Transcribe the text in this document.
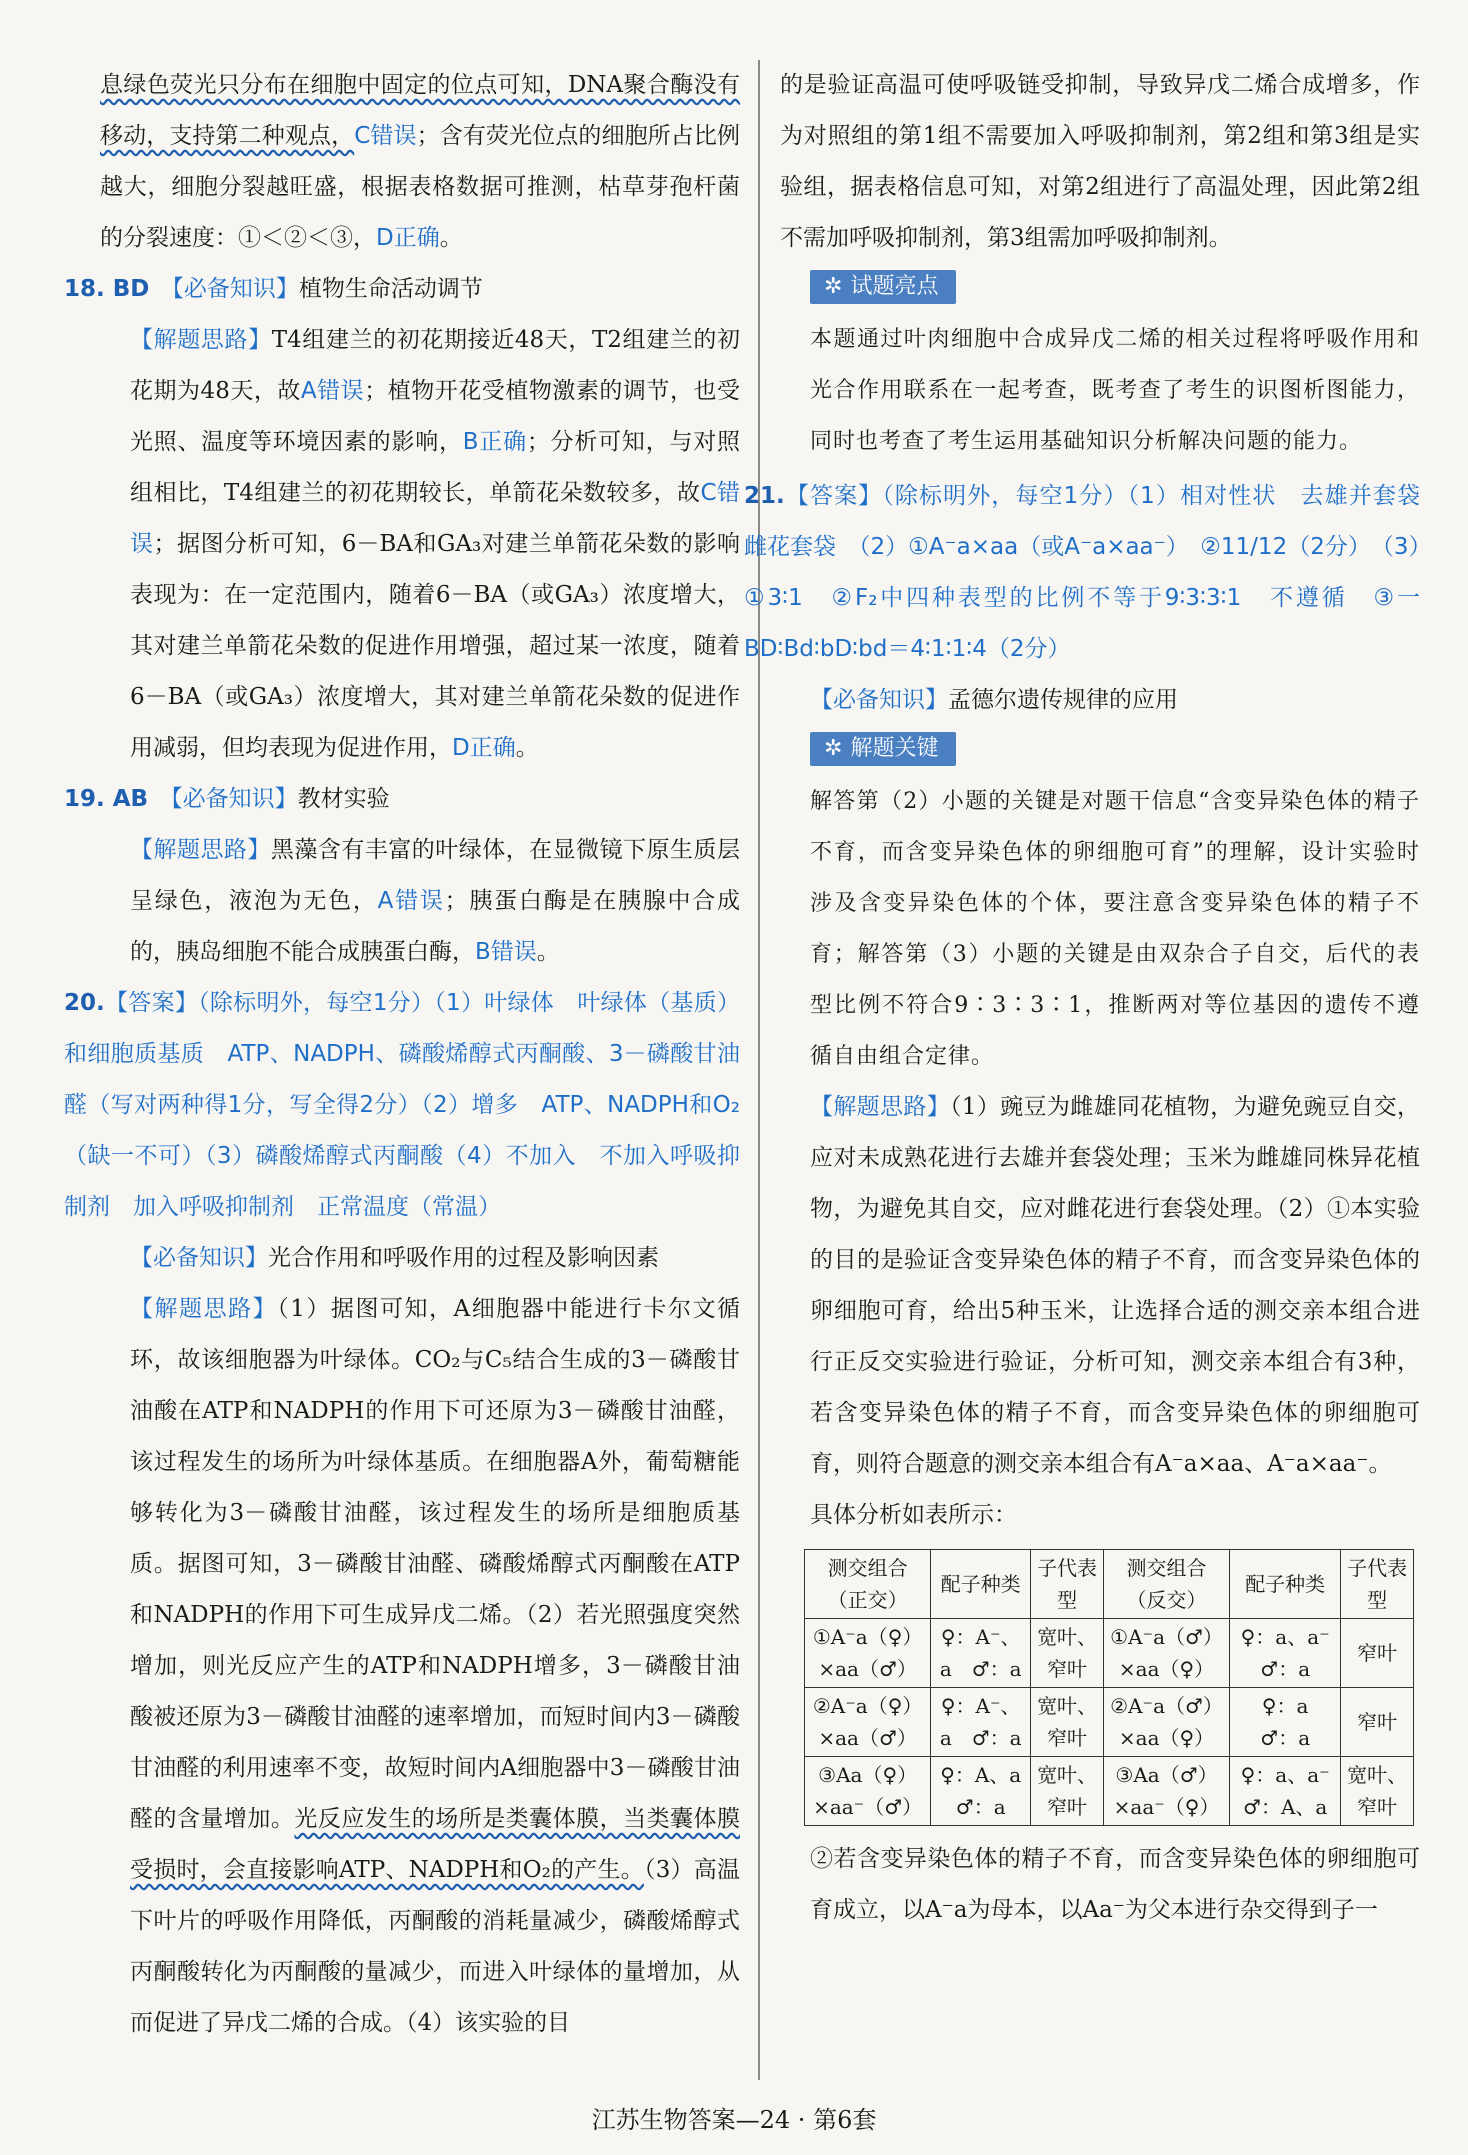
息绿色荧光只分布在细胞中固定的位点可知，DNA聚合酶没有移动，支持第二种观点，C错误；含有荧光位点的细胞所占比例越大，细胞分裂越旺盛，根据表格数据可推测，枯草芽孢杆菌的分裂速度：①＜②＜③，D正确。

18. BD　 【必备知识】植物生命活动调节

【解题思路】T4组建兰的初花期接近48天，T2组建兰的初花期为48天，故A错误；植物开花受植物激素的调节，也受光照、温度等环境因素的影响，B正确；分析可知，与对照组相比，T4组建兰的初花期较长，单箭花朵数较多，故C错误；据图分析可知，6－BA和GA₃对建兰单箭花朵数的影响表现为：在一定范围内，随着6－BA（或GA₃）浓度增大，其对建兰单箭花朵数的促进作用增强，超过某一浓度，随着6－BA（或GA₃）浓度增大，其对建兰单箭花朵数的促进作用减弱，但均表现为促进作用，D正确。

19. AB　 【必备知识】教材实验

【解题思路】黑藻含有丰富的叶绿体，在显微镜下原生质层呈绿色，液泡为无色，A错误；胰蛋白酶是在胰腺中合成的，胰岛细胞不能合成胰蛋白酶，B错误。

20.【答案】（除标明外，每空1分）（1）叶绿体　叶绿体（基质）和细胞质基质　ATP、NADPH、磷酸烯醇式丙酮酸、3－磷酸甘油醛（写对两种得1分，写全得2分）（2）增多　ATP、NADPH和O₂（缺一不可）（3）磷酸烯醇式丙酮酸（4）不加入　不加入呼吸抑制剂　加入呼吸抑制剂　正常温度（常温）

【必备知识】光合作用和呼吸作用的过程及影响因素

【解题思路】（1）据图可知，A细胞器中能进行卡尔文循环，故该细胞器为叶绿体。CO₂与C₅结合生成的3－磷酸甘油酸在ATP和NADPH的作用下可还原为3－磷酸甘油醛，该过程发生的场所为叶绿体基质。在细胞器A外，葡萄糖能够转化为3－磷酸甘油醛，该过程发生的场所是细胞质基质。据图可知，3－磷酸甘油醛、磷酸烯醇式丙酮酸在ATP和NADPH的作用下可生成异戊二烯。（2）若光照强度突然增加，则光反应产生的ATP和NADPH增多，3－磷酸甘油酸被还原为3－磷酸甘油醛的速率增加，而短时间内3－磷酸甘油醛的利用速率不变，故短时间内A细胞器中3－磷酸甘油醛的含量增加。光反应发生的场所是类囊体膜，当类囊体膜受损时，会直接影响ATP、NADPH和O₂的产生。（3）高温下叶片的呼吸作用降低，丙酮酸的消耗量减少，磷酸烯醇式丙酮酸转化为丙酮酸的量减少，而进入叶绿体的量增加，从而促进了异戊二烯的合成。（4）该实验的目

的是验证高温可使呼吸链受抑制，导致异戊二烯合成增多，作为对照组的第1组不需要加入呼吸抑制剂，第2组和第3组是实验组，据表格信息可知，对第2组进行了高温处理，因此第2组不需加呼吸抑制剂，第3组需加呼吸抑制剂。

✲ 试题亮点

本题通过叶肉细胞中合成异戊二烯的相关过程将呼吸作用和光合作用联系在一起考查，既考查了考生的识图析图能力，同时也考查了考生运用基础知识分析解决问题的能力。

21.【答案】（除标明外，每空1分）（1）相对性状　去雄并套袋　雌花套袋　（2）①A⁻a×aa（或A⁻a×aa⁻）　②11/12（2分）　（3）①3∶1　②F₂中四种表型的比例不等于9∶3∶3∶1　不遵循　③一　BD∶Bd∶bD∶bd＝4∶1∶1∶4（2分）

【必备知识】孟德尔遗传规律的应用

✲ 解题关键

解答第（2）小题的关键是对题干信息“含变异染色体的精子不育，而含变异染色体的卵细胞可育”的理解，设计实验时涉及含变异染色体的个体，要注意含变异染色体的精子不育；解答第（3）小题的关键是由双杂合子自交，后代的表型比例不符合9∶3∶3∶1，推断两对等位基因的遗传不遵循自由组合定律。

【解题思路】（1）豌豆为雌雄同花植物，为避免豌豆自交，应对未成熟花进行去雄并套袋处理；玉米为雌雄同株异花植物，为避免其自交，应对雌花进行套袋处理。（2）①本实验的目的是验证含变异染色体的精子不育，而含变异染色体的卵细胞可育，给出5种玉米，让选择合适的测交亲本组合进行正反交实验进行验证，分析可知，测交亲本组合有3种，若含变异染色体的精子不育，而含变异染色体的卵细胞可育，则符合题意的测交亲本组合有A⁻a×aa、A⁻a×aa⁻。

具体分析如表所示：

测交组合（正交）	配子种类	子代表型	测交组合（反交）	配子种类	子代表型
①A⁻a（♀）×aa（♂）	♀：A⁻、a　♂：a	宽叶、窄叶	①A⁻a（♂）×aa（♀）	♀：a、a⁻　♂：a	窄叶
②A⁻a（♀）×aa（♂）	♀：A⁻、a　♂：a	宽叶、窄叶	②A⁻a（♂）×aa（♀）	♀：a　♂：a	窄叶
③Aa（♀）×aa⁻（♂）	♀：A、a　♂：a	宽叶、窄叶	③Aa（♂）×aa⁻（♀）	♀：a、a⁻　♂：A、a	宽叶、窄叶

②若含变异染色体的精子不育，而含变异染色体的卵细胞可育成立，以A⁻a为母本，以Aa⁻为父本进行杂交得到子一

江苏生物答案—24 · 第6套
